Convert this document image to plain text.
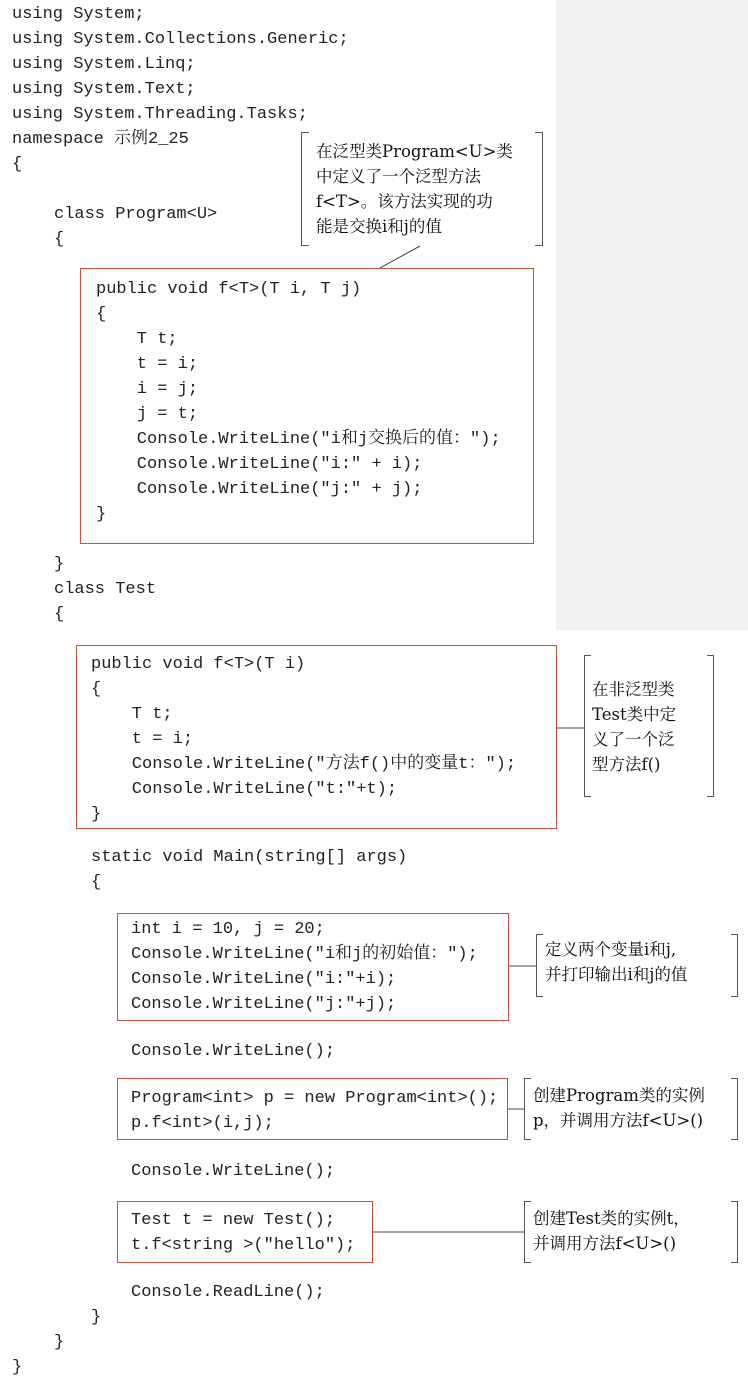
using System;
using System.Collections.Generic;
using System.Linq;
using System.Text;
using System.Threading.Tasks;
namespace 示例2_25
{
class Program<U>
{
public void f<T>(T i, T j)
{
T t;
t = i;
i = j;
j = t;
Console.WriteLine("i和j交换后的值：");
Console.WriteLine("i:" + i);
Console.WriteLine("j:" + j);
}
}
class Test
{
public void f<T>(T i)
{
T t;
t = i;
Console.WriteLine("方法f()中的变量t：");
Console.WriteLine("t:"+t);
}
static void Main(string[] args)
{
int i = 10, j = 20;
Console.WriteLine("i和j的初始值：");
Console.WriteLine("i:"+i);
Console.WriteLine("j:"+j);
Console.WriteLine();
Program<int> p = new Program<int>();
p.f<int>(i,j);
Console.WriteLine();
Test t = new Test();
t.f<string >("hello");
Console.ReadLine();
}
}
}
在泛型类Program<U>类
中定义了一个泛型方法
f<T>。该方法实现的功
能是交换i和j的值
在非泛型类
Test类中定
义了一个泛
型方法f()
定义两个变量i和j,
并打印输出i和j的值
创建Program类的实例
p，并调用方法f<U>()
创建Test类的实例t，
并调用方法f<U>()
